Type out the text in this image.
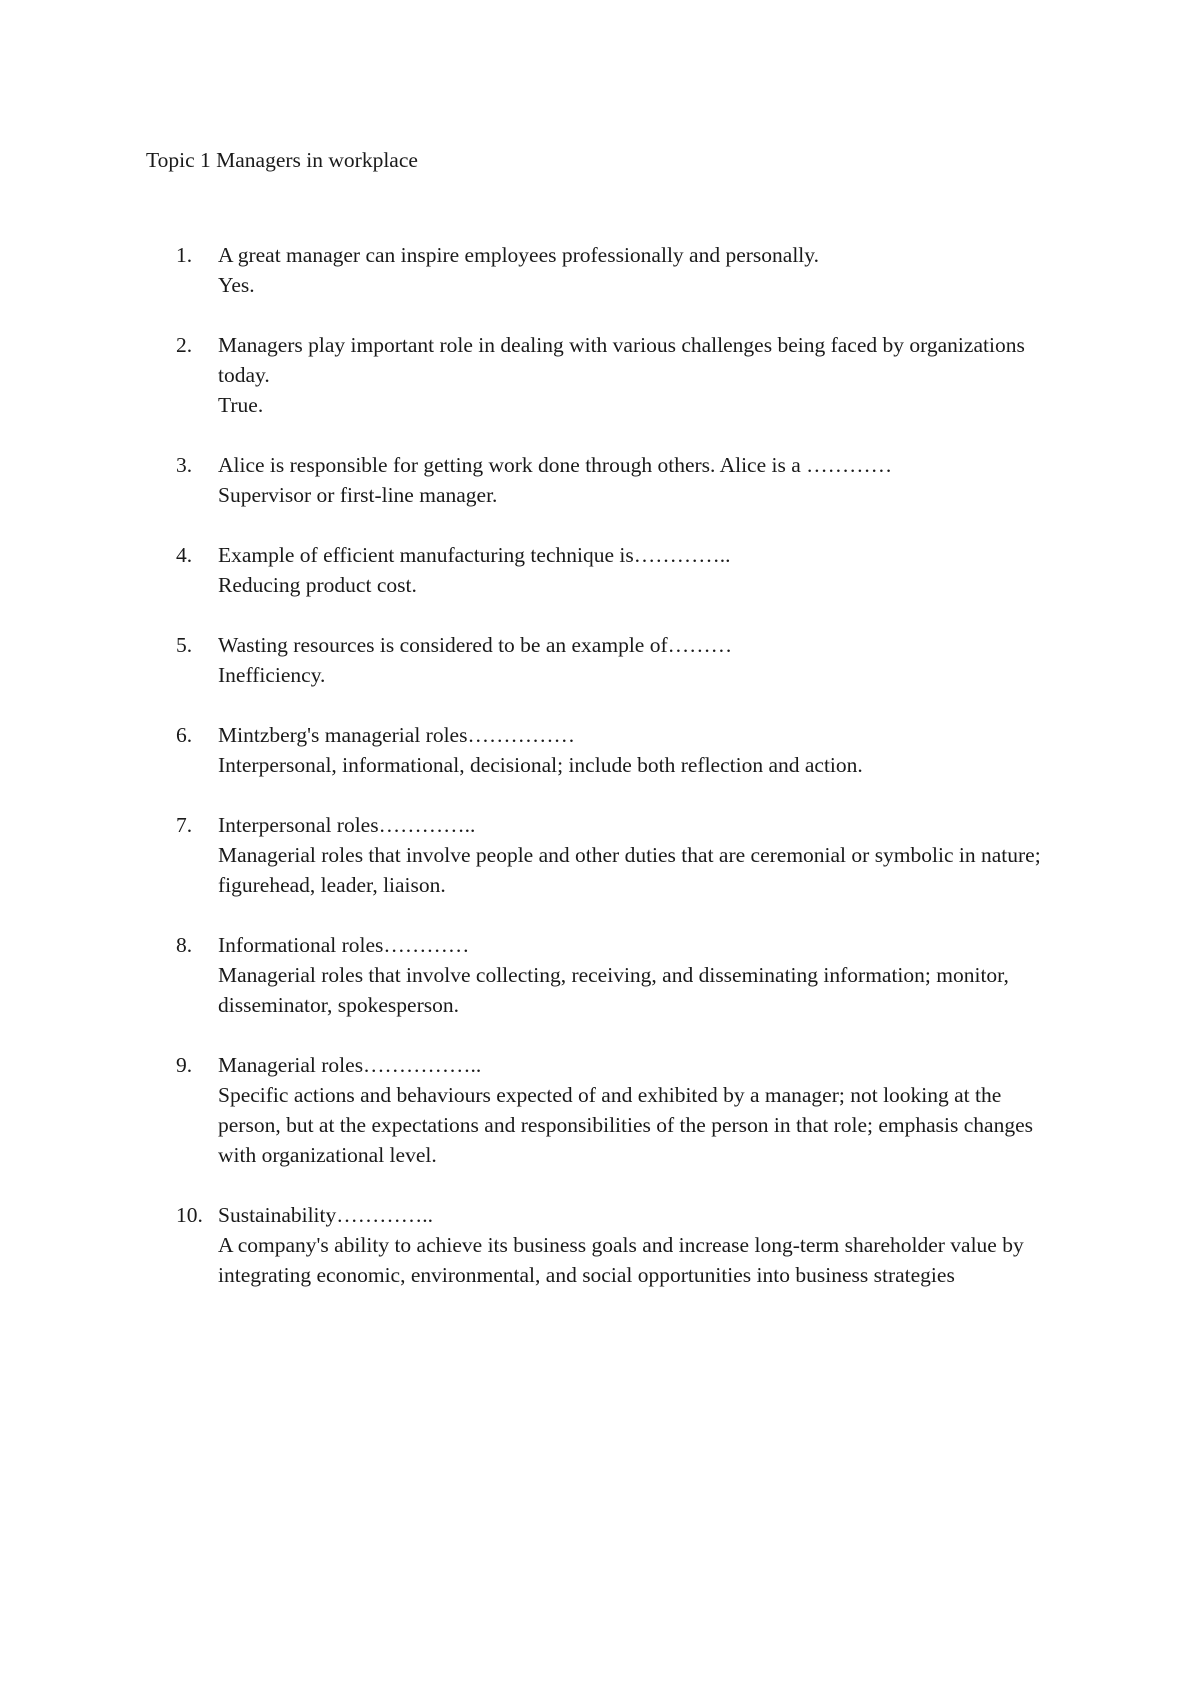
Topic 1 Managers in workplace
1.	A great manager can inspire employees professionally and personally.
Yes.
2.	Managers play important role in dealing with various challenges being faced by organizations today.
True.
3.	Alice is responsible for getting work done through others. Alice is a …………
Supervisor or first-line manager.
4.	Example of efficient manufacturing technique is…………..
Reducing product cost.
5.	Wasting resources is considered to be an example of………
Inefficiency.
6.	Mintzberg's managerial roles……………
Interpersonal, informational, decisional; include both reflection and action.
7.	Interpersonal roles…………..
Managerial roles that involve people and other duties that are ceremonial or symbolic in nature; figurehead, leader, liaison.
8.	Informational roles…………
Managerial roles that involve collecting, receiving, and disseminating information; monitor, disseminator, spokesperson.
9.	Managerial roles……………..
Specific actions and behaviours expected of and exhibited by a manager; not looking at the person, but at the expectations and responsibilities of the person in that role; emphasis changes with organizational level.
10. Sustainability…………..
A company's ability to achieve its business goals and increase long-term shareholder value by integrating economic, environmental, and social opportunities into business strategies
